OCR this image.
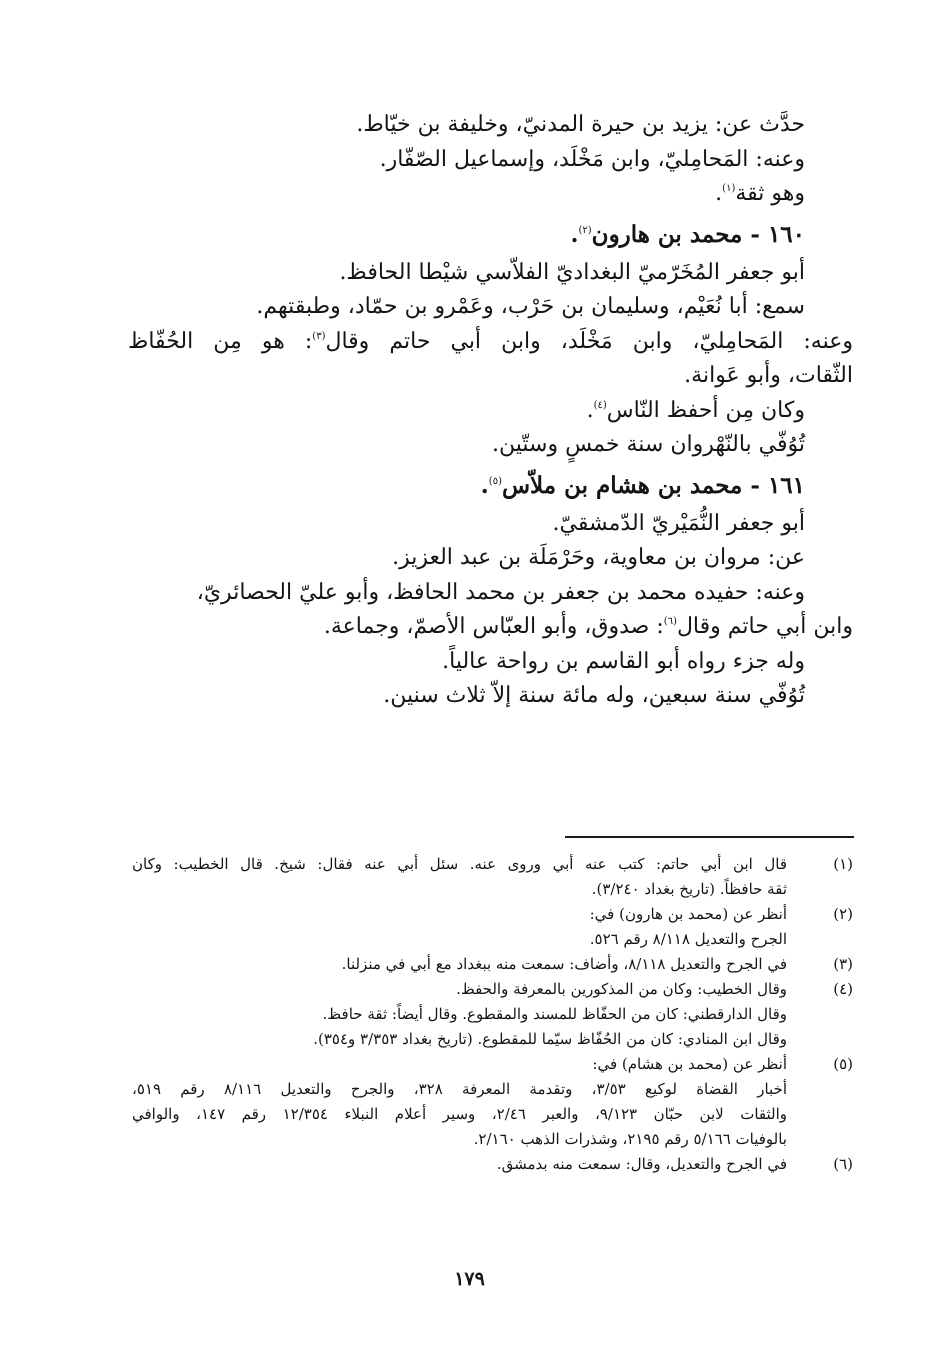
حدَّث عن: يزيد بن حيرة المدنيّ، وخليفة بن خيّاط.
وعنه: المَحامِليّ، وابن مَخْلَد، وإسماعيل الصّفّار.
وهو ثقة$^{(١)}$.
١٦٠ - محمد بن هارون$^{(٢)}$.
أبو جعفر المُخَرّميّ البغداديّ الفلاّسي شيْطا الحافظ.
سمع: أبا نُعَيْم، وسليمان بن حَرْب، وعَمْرو بن حمّاد، وطبقتهم.
وعنه: المَحامِليّ، وابن مَخْلَد، وابن أبي حاتم وقال$^{(٣)}$: هو مِن الحُفّاظ
الثّقات، وأبو عَوانة.
وكان مِن أحفظ النّاس$^{(٤)}$.
تُوُفّي بالنّهْروان سنة خمسٍ وستّين.
١٦١ - محمد بن هشام بن ملاّس$^{(٥)}$.
أبو جعفر النُّمَيْريّ الدّمشقيّ.
عن: مروان بن معاوية، وحَرْمَلَة بن عبد العزيز.
وعنه: حفيده محمد بن جعفر بن محمد الحافظ، وأبو عليّ الحصائريّ،
وابن أبي حاتم وقال$^{(٦)}$: صدوق، وأبو العبّاس الأصمّ، وجماعة.
وله جزء رواه أبو القاسم بن رواحة عالياً.
تُوُفّي سنة سبعين، وله مائة سنة إلاّ ثلاث سنين.
(١)
قال ابن أبي حاتم: كتب عنه أبي وروى عنه. سئل أبي عنه فقال: شيخ. قال الخطيب: وكان
ثقة حافظاً. (تاريخ بغداد ٣/٢٤٠).
(٢)
أنظر عن (محمد بن هارون) في:
الجرح والتعديل ٨/١١٨ رقم ٥٢٦.
(٣)
في الجرح والتعديل ٨/١١٨، وأضاف: سمعت منه ببغداد مع أبي في منزلنا.
(٤)
وقال الخطيب: وكان من المذكورين بالمعرفة والحفظ.
وقال الدارقطني: كان من الحفّاظ للمسند والمقطوع. وقال أيضاً: ثقة حافظ.
وقال ابن المنادي: كان من الحُفّاظ سيّما للمقطوع. (تاريخ بغداد ٣/٣٥٣ و٣٥٤).
(٥)
أنظر عن (محمد بن هشام) في:
أخبار القضاة لوكيع ٣/٥٣، وتقدمة المعرفة ٣٢٨، والجرح والتعديل ٨/١١٦ رقم ٥١٩،
والثقات لابن حبّان ٩/١٢٣، والعبر ٢/٤٦، وسير أعلام النبلاء ١٢/٣٥٤ رقم ١٤٧، والوافي
بالوفيات ٥/١٦٦ رقم ٢١٩٥، وشذرات الذهب ٢/١٦٠.
(٦)
في الجرح والتعديل، وقال: سمعت منه بدمشق.
١٧٩
